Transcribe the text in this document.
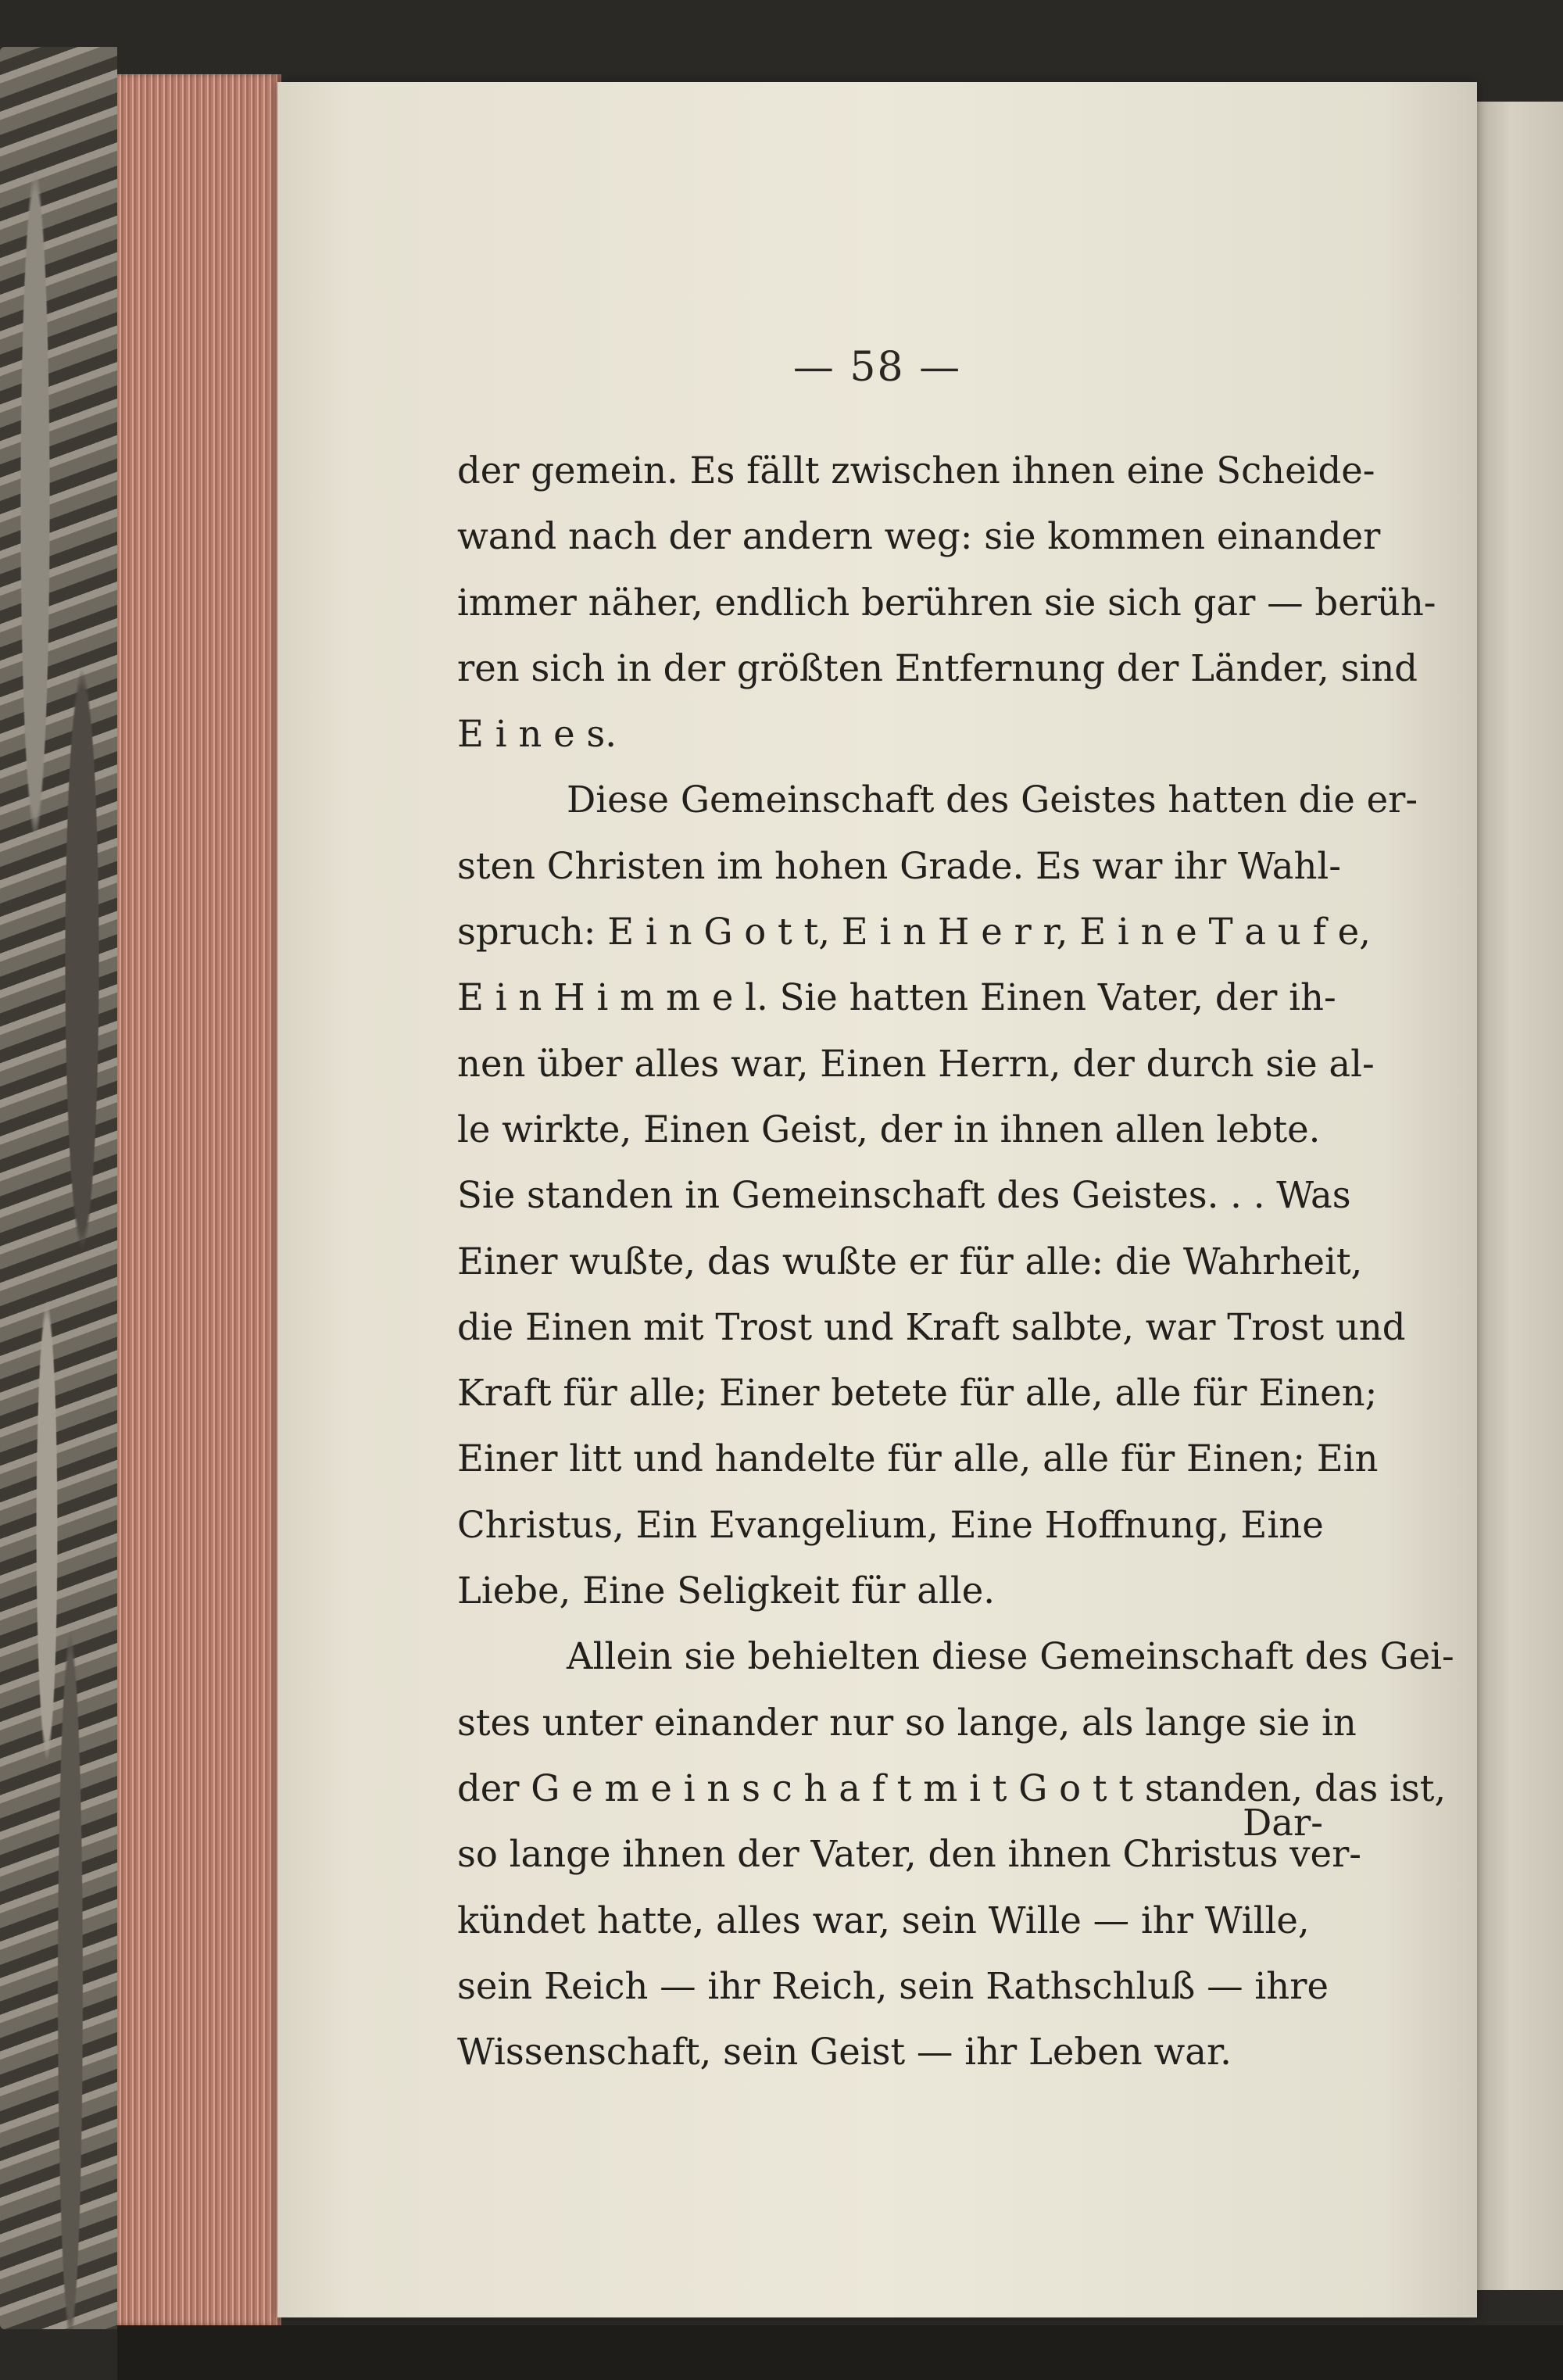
— 58 —
der gemein. Es fällt zwischen ihnen eine Scheide-
wand nach der andern weg: sie kommen einander
immer näher, endlich berühren sie sich gar — berüh-
ren sich in der größten Entfernung der Länder, sind
E i n e s.
Diese Gemeinschaft des Geistes hatten die er-
sten Christen im hohen Grade. Es war ihr Wahl-
spruch: E i n G o t t, E i n H e r r, E i n e T a u f e,
E i n H i m m e l. Sie hatten Einen Vater, der ih-
nen über alles war, Einen Herrn, der durch sie al-
le wirkte, Einen Geist, der in ihnen allen lebte.
Sie standen in Gemeinschaft des Geistes. . . Was
Einer wußte, das wußte er für alle: die Wahrheit,
die Einen mit Trost und Kraft salbte, war Trost und
Kraft für alle; Einer betete für alle, alle für Einen;
Einer litt und handelte für alle, alle für Einen; Ein
Christus, Ein Evangelium, Eine Hoffnung, Eine
Liebe, Eine Seligkeit für alle.
Allein sie behielten diese Gemeinschaft des Gei-
stes unter einander nur so lange, als lange sie in
der G e m e i n s c h a f t m i t G o t t standen, das ist,
so lange ihnen der Vater, den ihnen Christus ver-
kündet hatte, alles war, sein Wille — ihr Wille,
sein Reich — ihr Reich, sein Rathschluß — ihre
Wissenschaft, sein Geist — ihr Leben war.
Dar-
